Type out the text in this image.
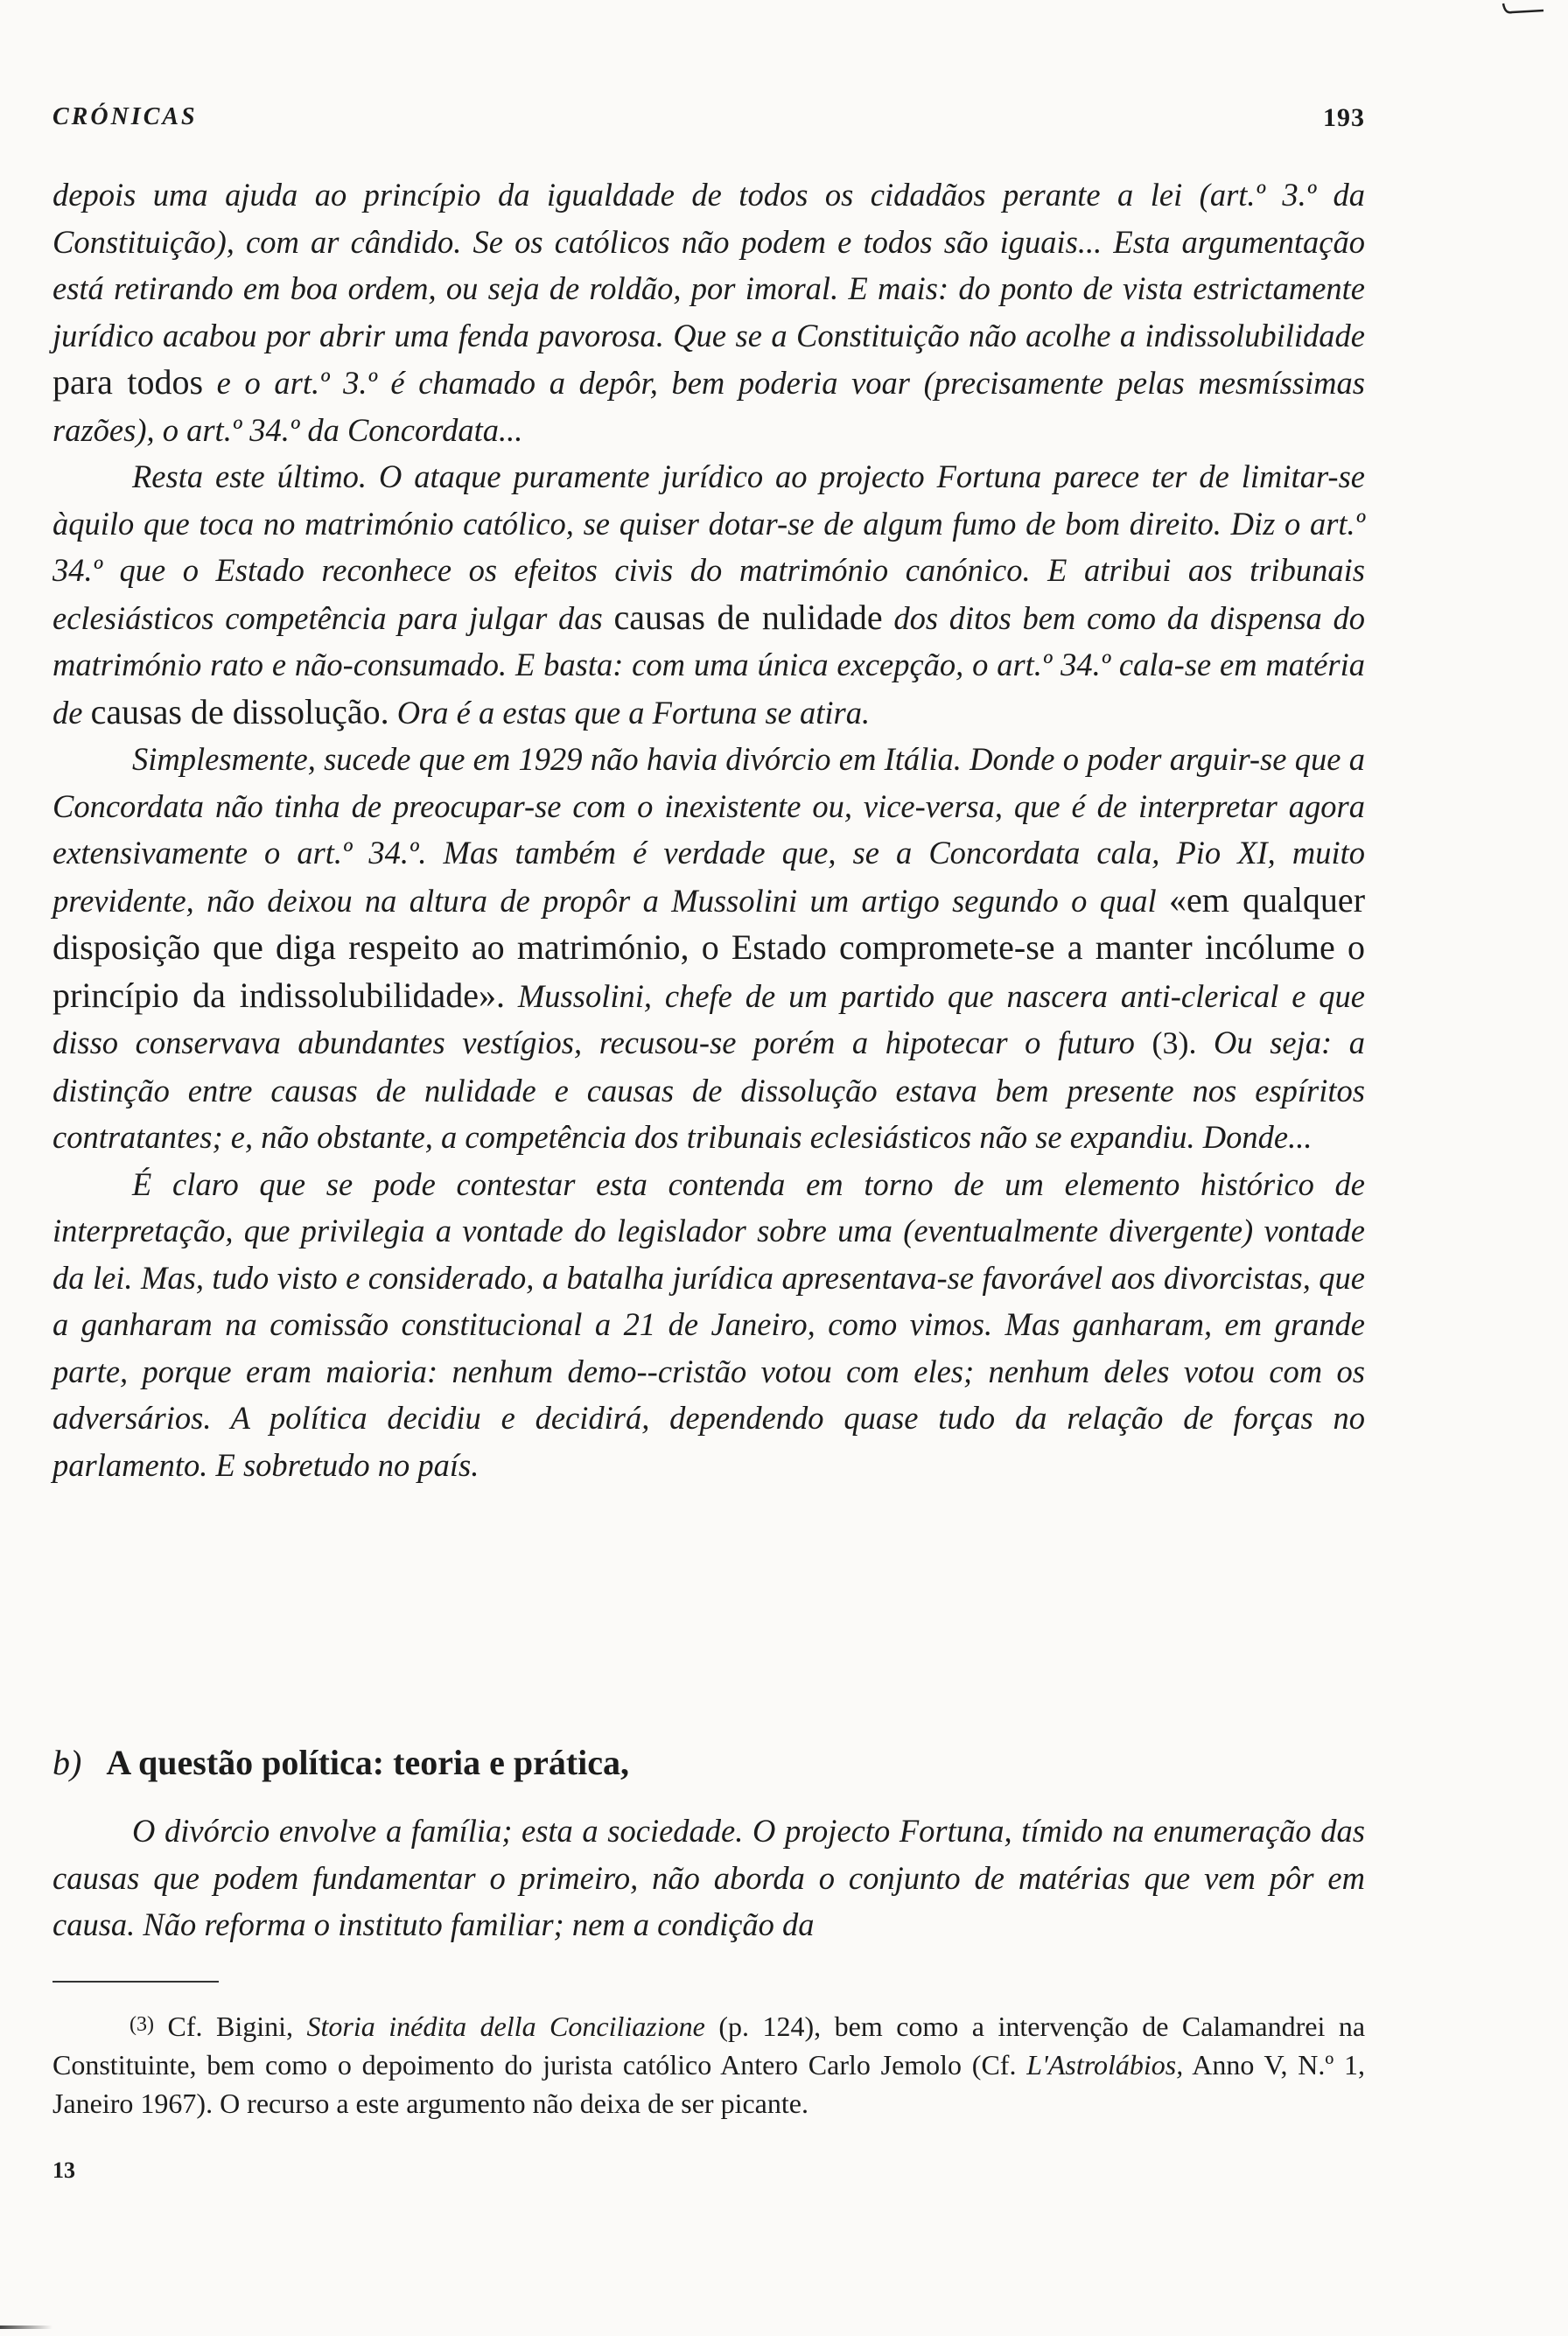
CRÓNICAS	193

depois uma ajuda ao princípio da igualdade de todos os cidadãos perante a lei (art.º 3.º da Constituição), com ar cândido. Se os católicos não podem e todos são iguais... Esta argumentação está retirando em boa ordem, ou seja de roldão, por imoral. E mais: do ponto de vista estrictamente jurídico acabou por abrir uma fenda pavorosa. Que se a Constituição não acolhe a indissolubilidade para todos e o art.º 3.º é chamado a depôr, bem poderia voar (precisamente pelas mesmíssimas razões), o art.º 34.º da Concordata...

Resta este último. O ataque puramente jurídico ao projecto Fortuna parece ter de limitar-se àquilo que toca no matrimónio católico, se quiser dotar-se de algum fumo de bom direito. Diz o art.º 34.º que o Estado reconhece os efeitos civis do matrimónio canónico. E atribui aos tribunais eclesiásticos competência para julgar das causas de nulidade dos ditos bem como da dispensa do matrimónio rato e não-consumado. E basta: com uma única excepção, o art.º 34.º cala-se em matéria de causas de dissolução. Ora é a estas que a Fortuna se atira.

Simplesmente, sucede que em 1929 não havia divórcio em Itália. Donde o poder arguir-se que a Concordata não tinha de preocupar-se com o inexistente ou, vice-versa, que é de interpretar agora extensivamente o art.º 34.º. Mas também é verdade que, se a Concordata cala, Pio XI, muito previdente, não deixou na altura de propôr a Mussolini um artigo segundo o qual «em qualquer disposição que diga respeito ao matrimónio, o Estado compromete-se a manter incólume o princípio da indissolubilidade». Mussolini, chefe de um partido que nascera anti-clerical e que disso conservava abundantes vestígios, recusou-se porém a hipotecar o futuro (3). Ou seja: a distinção entre causas de nulidade e causas de dissolução estava bem presente nos espíritos contratantes; e, não obstante, a competência dos tribunais eclesiásticos não se expandiu. Donde...

É claro que se pode contestar esta contenda em torno de um elemento histórico de interpretação, que privilegia a vontade do legislador sobre uma (eventualmente divergente) vontade da lei. Mas, tudo visto e considerado, a batalha jurídica apresentava-se favorável aos divorcistas, que a ganharam na comissão constitucional a 21 de Janeiro, como vimos. Mas ganharam, em grande parte, porque eram maioria: nenhum demo--cristão votou com eles; nenhum deles votou com os adversários. A política decidiu e decidirá, dependendo quase tudo da relação de forças no parlamento. E sobretudo no país.

b) A questão política: teoria e prática,
O divórcio envolve a família; esta a sociedade. O projecto Fortuna, tímido na enumeração das causas que podem fundamentar o primeiro, não aborda o conjunto de matérias que vem pôr em causa. Não reforma o instituto familiar; nem a condição da
(3) Cf. Bigini, Storia inédita della Conciliazione (p. 124), bem como a intervenção de Calamandrei na Constituinte, bem como o depoimento do jurista católico Antero Carlo Jemolo (Cf. L'Astrolábios, Anno V, N.º 1, Janeiro 1967). O recurso a este argumento não deixa de ser picante.
13
